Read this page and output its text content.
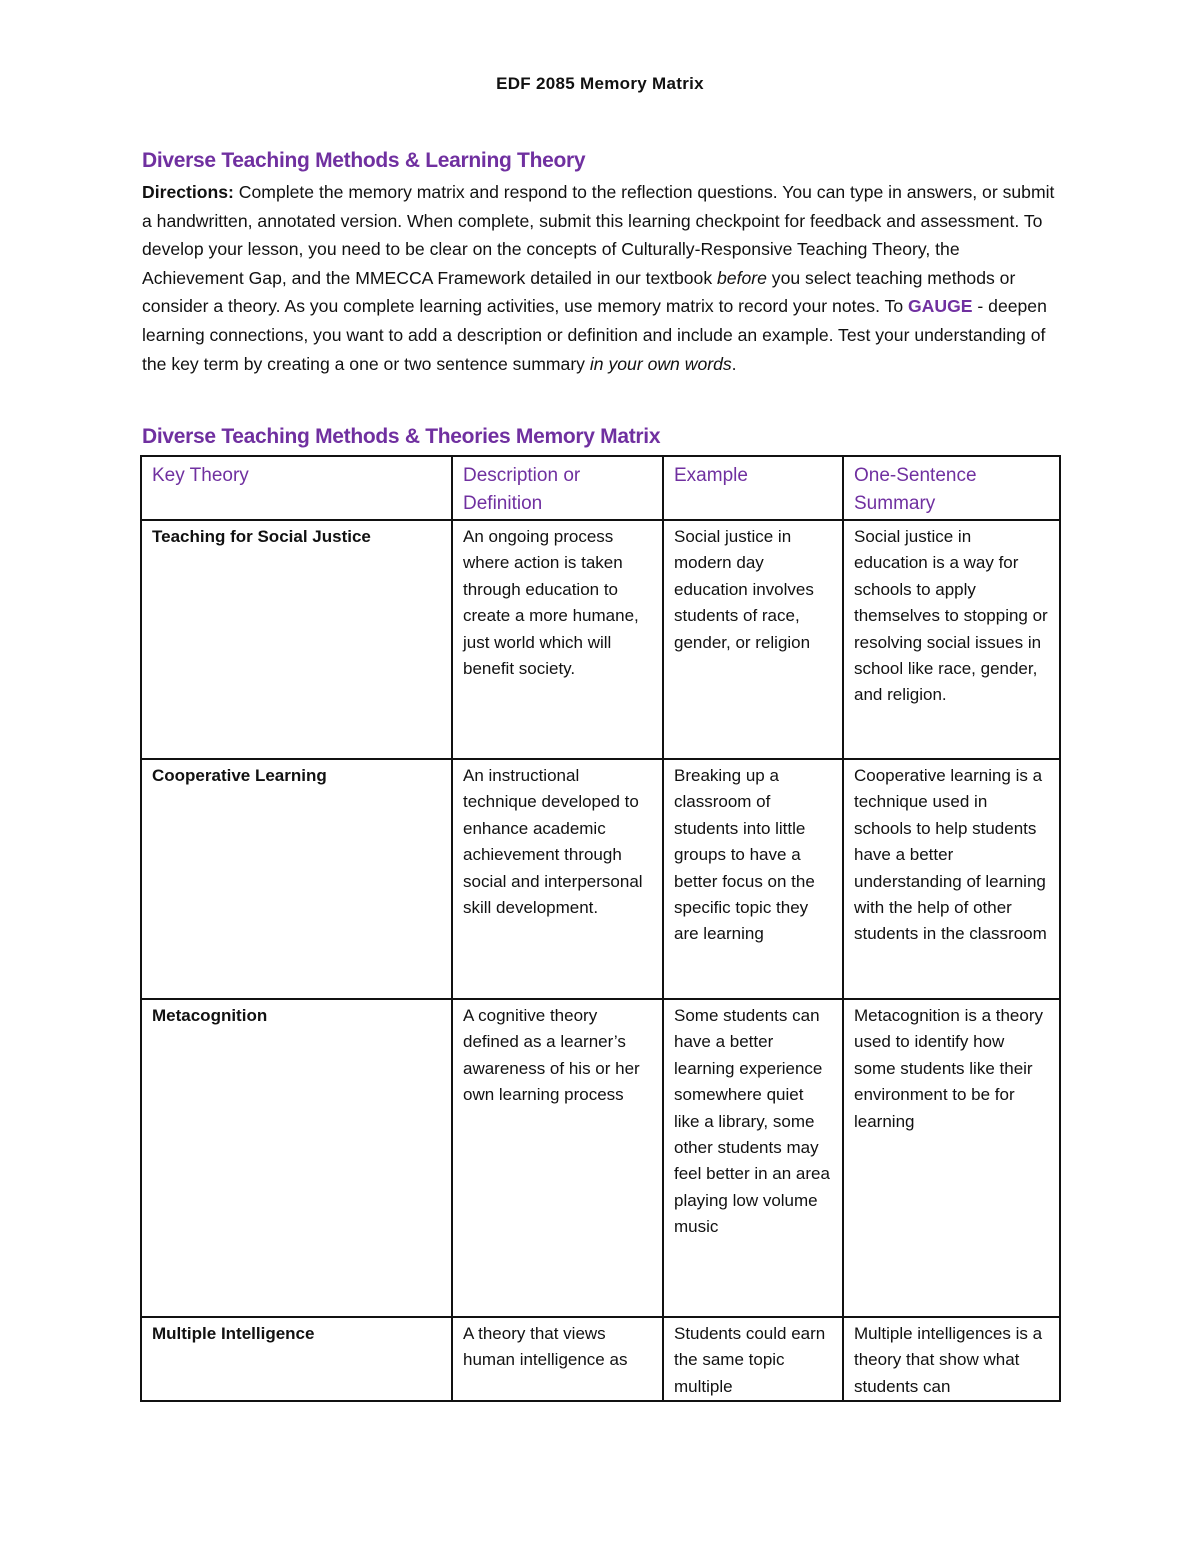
EDF 2085 Memory Matrix
Diverse Teaching Methods & Learning Theory
Directions: Complete the memory matrix and respond to the reflection questions. You can type in answers, or submit a handwritten, annotated version. When complete, submit this learning checkpoint for feedback and assessment. To develop your lesson, you need to be clear on the concepts of Culturally-Responsive Teaching Theory, the Achievement Gap, and the MMECCA Framework detailed in our textbook before you select teaching methods or consider a theory. As you complete learning activities, use memory matrix to record your notes. To GAUGE - deepen learning connections, you want to add a description or definition and include an example. Test your understanding of the key term by creating a one or two sentence summary in your own words.
Diverse Teaching Methods & Theories Memory Matrix
Key Theory	Description or Definition	Example	One-Sentence Summary
Teaching for Social Justice	An ongoing process where action is taken through education to create a more humane, just world which will benefit society.	Social justice in modern day education involves students of race, gender, or religion	Social justice in education is a way for schools to apply themselves to stopping or resolving social issues in school like race, gender, and religion.
Cooperative Learning	An instructional technique developed to enhance academic achievement through social and interpersonal skill development.	Breaking up a classroom of students into little groups to have a better focus on the specific topic they are learning	Cooperative learning is a technique used in schools to help students have a better understanding of learning with the help of other students in the classroom
Metacognition	A cognitive theory defined as a learner’s awareness of his or her own learning process	Some students can have a better learning experience somewhere quiet like a library, some other students may feel better in an area playing low volume music	Metacognition is a theory used to identify how some students like their environment to be for learning
Multiple Intelligence	A theory that views human intelligence as	Students could earn the same topic multiple	Multiple intelligences is a theory that show what students can
